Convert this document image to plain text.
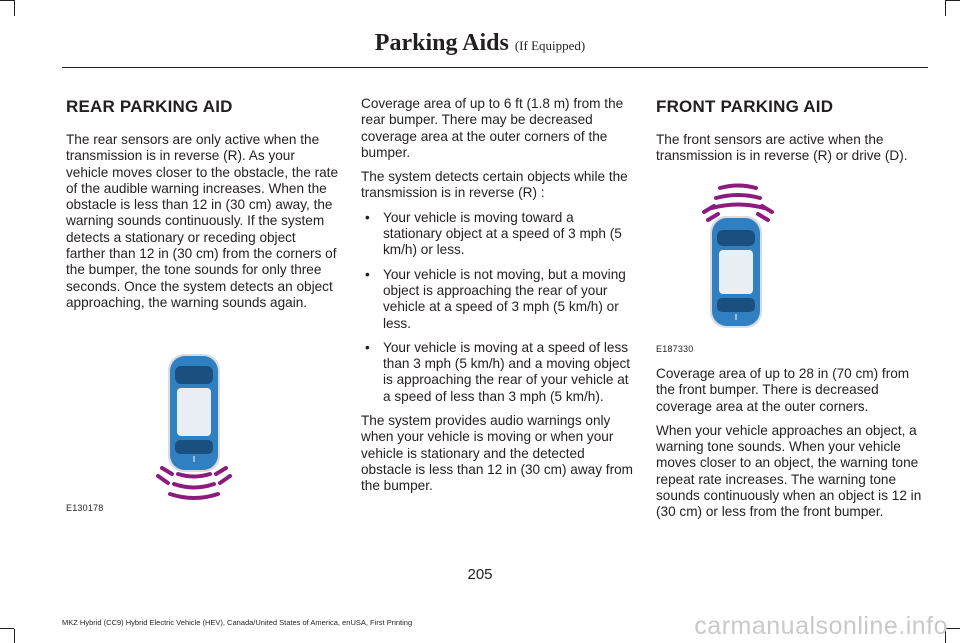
Parking Aids (If Equipped)
REAR PARKING AID

The rear sensors are only active when the transmission is in reverse (R). As your vehicle moves closer to the obstacle, the rate of the audible warning increases. When the obstacle is less than 12 in (30 cm) away, the warning sounds continuously. If the system detects a stationary or receding object farther than 12 in (30 cm) from the corners of the bumper, the tone sounds for only three seconds. Once the system detects an object approaching, the warning sounds again.

E130178

Coverage area of up to 6 ft (1.8 m) from the rear bumper. There may be decreased coverage area at the outer corners of the bumper.

The system detects certain objects while the transmission is in reverse (R) :

• Your vehicle is moving toward a stationary object at a speed of 3 mph (5 km/h) or less.
• Your vehicle is not moving, but a moving object is approaching the rear of your vehicle at a speed of 3 mph (5 km/h) or less.
• Your vehicle is moving at a speed of less than 3 mph (5 km/h) and a moving object is approaching the rear of your vehicle at a speed of less than 3 mph (5 km/h).

The system provides audio warnings only when your vehicle is moving or when your vehicle is stationary and the detected obstacle is less than 12 in (30 cm) away from the bumper.

FRONT PARKING AID

The front sensors are active when the transmission is in reverse (R) or drive (D).

E187330

Coverage area of up to 28 in (70 cm) from the front bumper. There is decreased coverage area at the outer corners.

When your vehicle approaches an object, a warning tone sounds. When your vehicle moves closer to an object, the warning tone repeat rate increases. The warning tone sounds continuously when an object is 12 in (30 cm) or less from the front bumper.

205
MKZ Hybrid (CC9) Hybrid Electric Vehicle (HEV), Canada/United States of America, enUSA, First Printing	carmanualsonline.info
